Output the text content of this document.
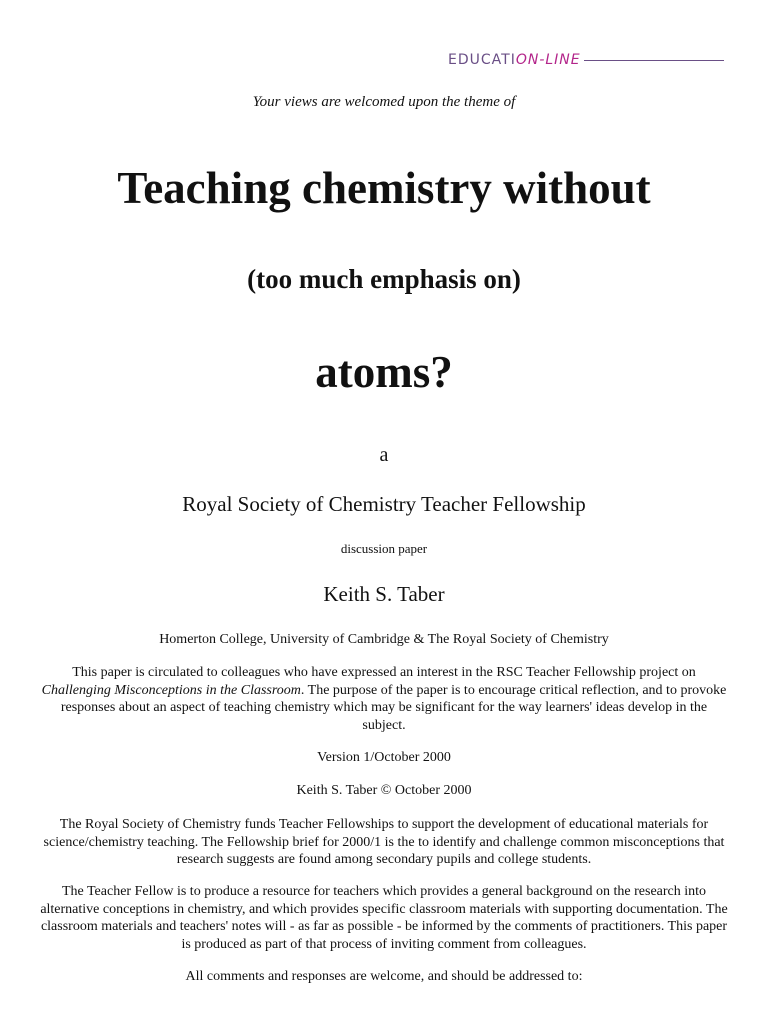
EDUCATION-LINE
Your views are welcomed upon the theme of
Teaching chemistry without
(too much emphasis on)
atoms?
a
Royal Society of Chemistry Teacher Fellowship
discussion paper
Keith S. Taber
Homerton College, University of Cambridge & The Royal Society of Chemistry
This paper is circulated to colleagues who have expressed an interest in the RSC Teacher Fellowship project on Challenging Misconceptions in the Classroom. The purpose of the paper is to encourage critical reflection, and to provoke responses about an aspect of teaching chemistry which may be significant for the way learners' ideas develop in the subject.
Version 1/October 2000
Keith S. Taber © October 2000
The Royal Society of Chemistry funds Teacher Fellowships to support the development of educational materials for science/chemistry teaching. The Fellowship brief for 2000/1 is the to identify and challenge common misconceptions that research suggests are found among secondary pupils and college students.
The Teacher Fellow is to produce a resource for teachers which provides a general background on the research into alternative conceptions in chemistry, and which provides specific classroom materials with supporting documentation. The classroom materials and teachers' notes will - as far as possible - be informed by the comments of practitioners. This paper is produced as part of that process of inviting comment from colleagues.
All comments and responses are welcome, and should be addressed to:
